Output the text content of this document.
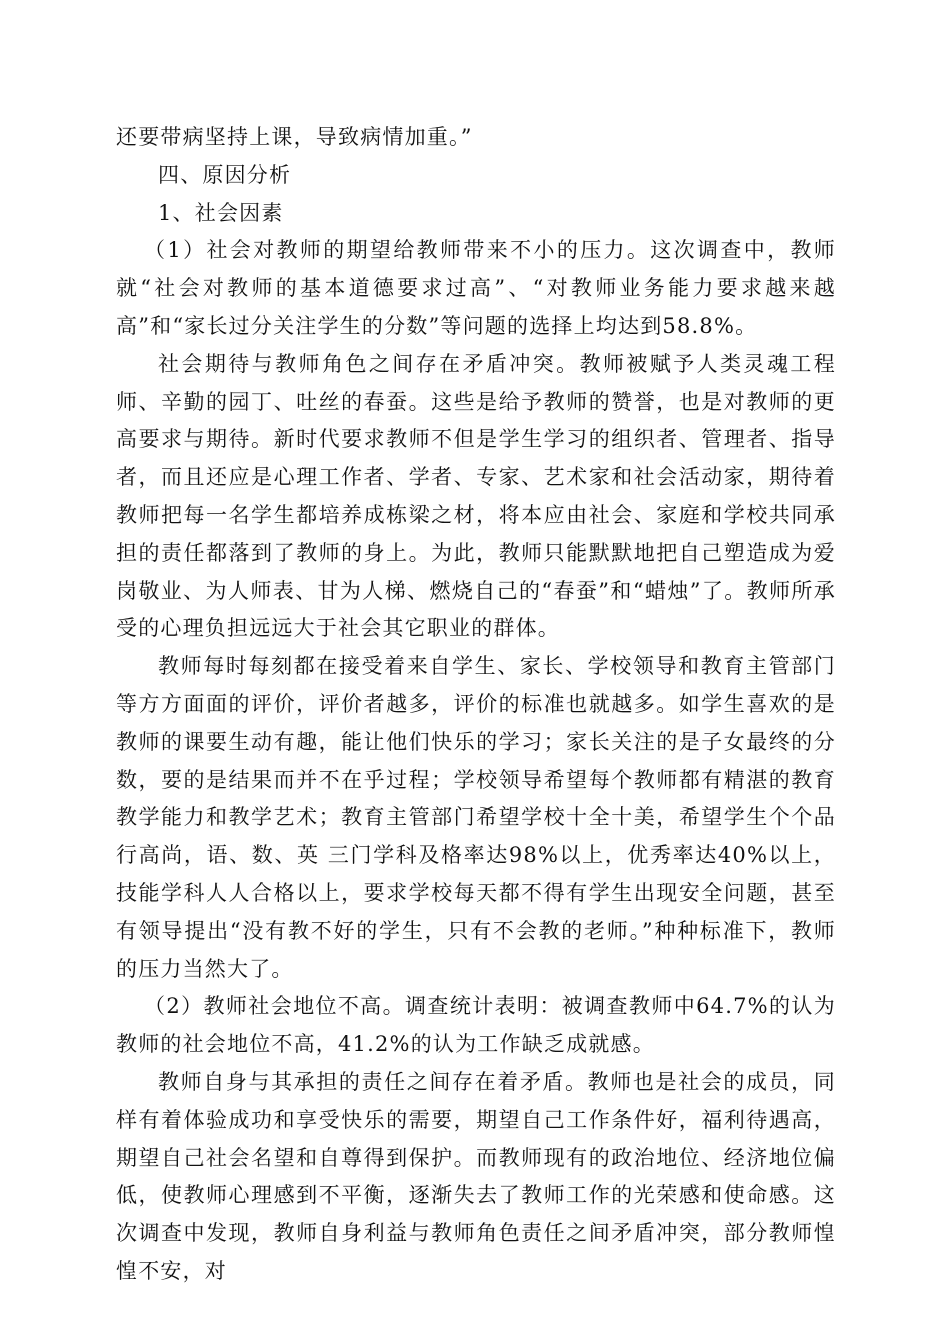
还要带病坚持上课，导致病情加重。”

四、原因分析

1、社会因素

（1）社会对教师的期望给教师带来不小的压力。这次调查中，教师就“社会对教师的基本道德要求过高”、“对教师业务能力要求越来越高”和“家长过分关注学生的分数”等问题的选择上均达到58.8%。

社会期待与教师角色之间存在矛盾冲突。教师被赋予人类灵魂工程师、辛勤的园丁、吐丝的春蚕。这些是给予教师的赞誉，也是对教师的更高要求与期待。新时代要求教师不但是学生学习的组织者、管理者、指导者，而且还应是心理工作者、学者、专家、艺术家和社会活动家，期待着教师把每一名学生都培养成栋梁之材，将本应由社会、家庭和学校共同承担的责任都落到了教师的身上。为此，教师只能默默地把自己塑造成为爱岗敬业、为人师表、甘为人梯、燃烧自己的“春蚕”和“蜡烛”了。教师所承受的心理负担远远大于社会其它职业的群体。

教师每时每刻都在接受着来自学生、家长、学校领导和教育主管部门等方方面面的评价，评价者越多，评价的标准也就越多。如学生喜欢的是教师的课要生动有趣，能让他们快乐的学习；家长关注的是子女最终的分数，要的是结果而并不在乎过程；学校领导希望每个教师都有精湛的教育教学能力和教学艺术；教育主管部门希望学校十全十美，希望学生个个品行高尚，语、数、英 三门学科及格率达98%以上，优秀率达40%以上，技能学科人人合格以上，要求学校每天都不得有学生出现安全问题，甚至有领导提出“没有教不好的学生，只有不会教的老师。”种种标准下，教师的压力当然大了。

（2）教师社会地位不高。调查统计表明：被调查教师中64.7%的认为教师的社会地位不高，41.2%的认为工作缺乏成就感。

教师自身与其承担的责任之间存在着矛盾。教师也是社会的成员，同样有着体验成功和享受快乐的需要，期望自己工作条件好，福利待遇高，期望自己社会名望和自尊得到保护。而教师现有的政治地位、经济地位偏低，使教师心理感到不平衡，逐渐失去了教师工作的光荣感和使命感。这次调查中发现，教师自身利益与教师角色责任之间矛盾冲突，部分教师惶惶不安，对
